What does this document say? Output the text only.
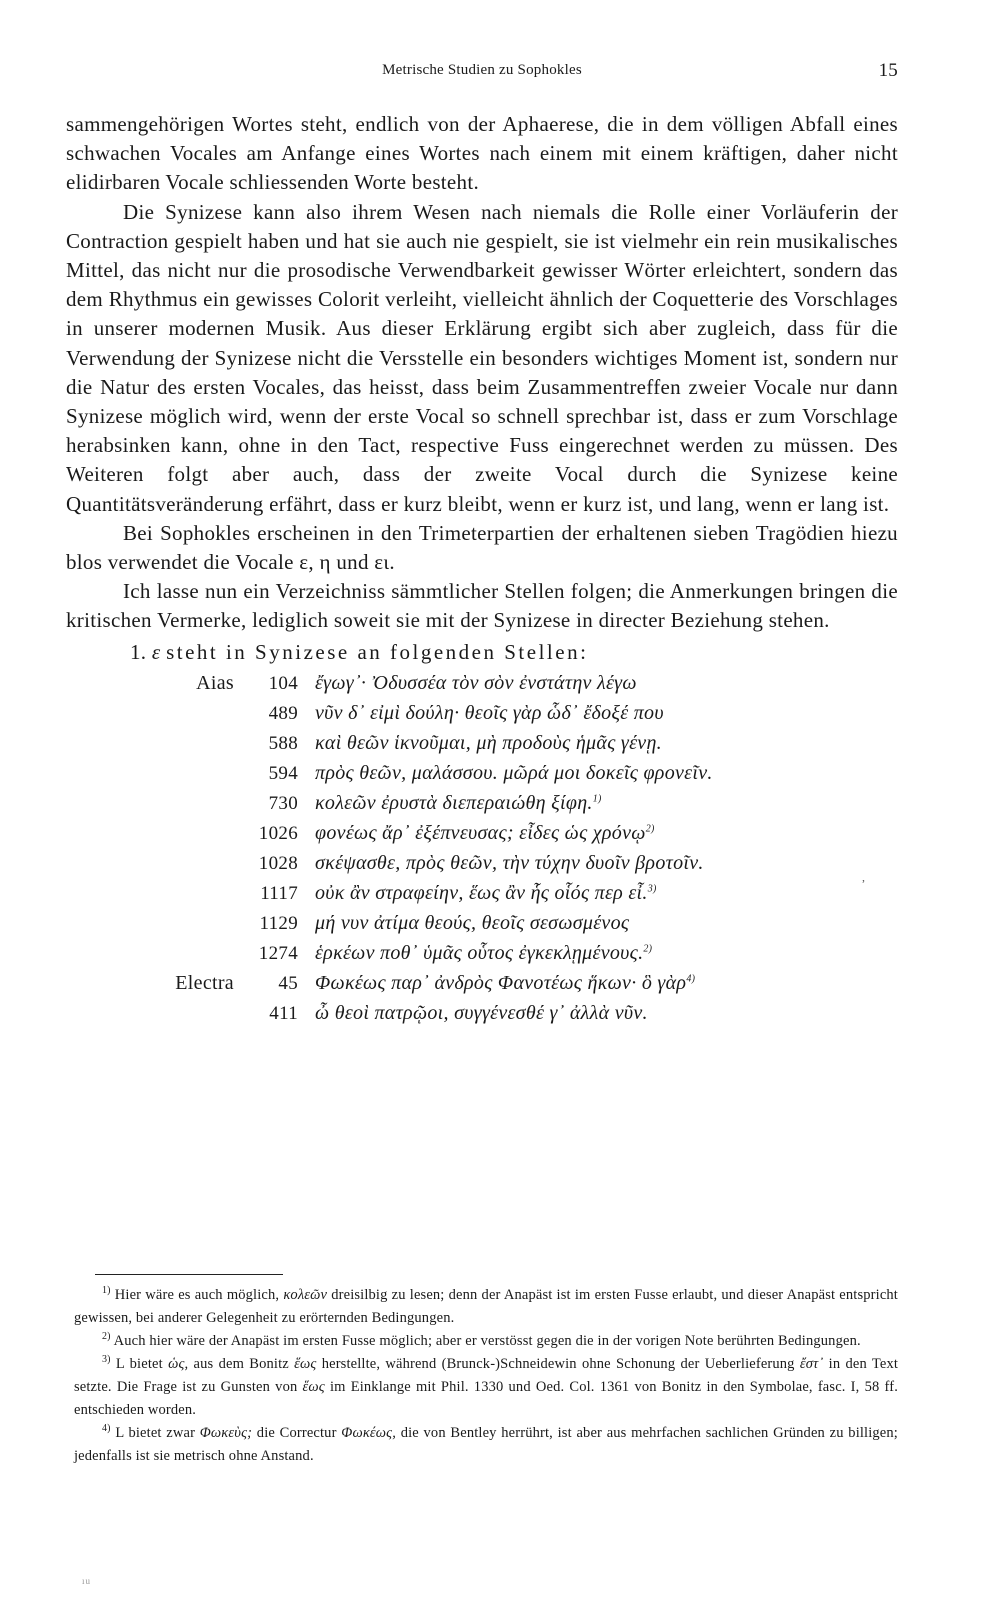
Metrische Studien zu Sophokles	15

sammengehörigen Wortes steht, endlich von der Aphaerese, die in dem völligen Abfall eines schwachen Vocales am Anfange eines Wortes nach einem mit einem kräftigen, daher nicht elidirbaren Vocale schliessenden Worte besteht.

Die Synizese kann also ihrem Wesen nach niemals die Rolle einer Vorläuferin der Contraction gespielt haben und hat sie auch nie gespielt, sie ist vielmehr ein rein musikalisches Mittel, das nicht nur die prosodische Verwendbarkeit gewisser Wörter erleichtert, sondern das dem Rhythmus ein gewisses Colorit verleiht, vielleicht ähnlich der Coquetterie des Vorschlages in unserer modernen Musik. Aus dieser Erklärung ergibt sich aber zugleich, dass für die Verwendung der Synizese nicht die Versstelle ein besonders wichtiges Moment ist, sondern nur die Natur des ersten Vocales, das heisst, dass beim Zusammentreffen zweier Vocale nur dann Synizese möglich wird, wenn der erste Vocal so schnell sprechbar ist, dass er zum Vorschlage herabsinken kann, ohne in den Tact, respective Fuss eingerechnet werden zu müssen. Des Weiteren folgt aber auch, dass der zweite Vocal durch die Synizese keine Quantitätsveränderung erfährt, dass er kurz bleibt, wenn er kurz ist, und lang, wenn er lang ist.

Bei Sophokles erscheinen in den Trimeterpartien der erhaltenen sieben Tragödien hiezu blos verwendet die Vocale ε, η und ει.

Ich lasse nun ein Verzeichniss sämmtlicher Stellen folgen; die Anmerkungen bringen die kritischen Vermerke, lediglich soweit sie mit der Synizese in directer Beziehung stehen.

1. ε steht in Synizese an folgenden Stellen:

Aias	104 ἔγωγ᾽· Ὀδυσσέα τὸν σὸν ἐνστάτην λέγω
489 νῦν δ᾽ εἰμὶ δούλη· θεοῖς γὰρ ὧδ᾽ ἔδοξέ που
588 καὶ θεῶν ἱκνοῦμαι, μὴ προδοὺς ἡμᾶς γένῃ.
594 πρὸς θεῶν, μαλάσσου. μῶρά μοι δοκεῖς φρονεῖν.
730 κολεῶν ἐρυστὰ διεπεραιώθη ξίφη.$^{1)}$
1026 φονέως ἄρ᾽ ἐξέπνευσας; εἶδες ὡς χρόνῳ$^{2)}$
1028 σκέψασθε, πρὸς θεῶν, τὴν τύχην δυοῖν βροτοῖν.
1117 οὐκ ἂν στραφείην, ἕως ἂν ἧς οἷός περ εἶ.$^{3)}$
1129 μή νυν ἀτίμα θεούς, θεοῖς σεσωσμένος
1274 ἑρκέων ποθ᾽ ὑμᾶς οὗτος ἐγκεκλῃμένους.$^{2)}$
Electra	45 Φωκέως παρ᾽ ἀνδρὸς Φανοτέως ἥκων· ὃ γὰρ$^{4)}$
411 ὦ θεοὶ πατρῷοι, συγγένεσθέ γ᾽ ἀλλὰ νῦν.
,

$^{1)}$ Hier wäre es auch möglich, κολεῶν dreisilbig zu lesen; denn der Anapäst ist im ersten Fusse erlaubt, und dieser Anapäst entspricht gewissen, bei anderer Gelegenheit zu erörternden Bedingungen.

$^{2)}$ Auch hier wäre der Anapäst im ersten Fusse möglich; aber er verstösst gegen die in der vorigen Note berührten Bedingungen.

$^{3)}$ L bietet ὡς, aus dem Bonitz ἕως herstellte, während (Brunck-)Schneidewin ohne Schonung der Ueberlieferung ἔστ᾽ in den Text setzte. Die Frage ist zu Gunsten von ἕως im Einklange mit Phil. 1330 und Oed. Col. 1361 von Bonitz in den Symbolae, fasc. I, 58 ff. entschieden worden.

$^{4)}$ L bietet zwar Φωκεὺς; die Correctur Φωκέως, die von Bentley herrührt, ist aber aus mehrfachen sachlichen Gründen zu billigen; jedenfalls ist sie metrisch ohne Anstand.

ıu
